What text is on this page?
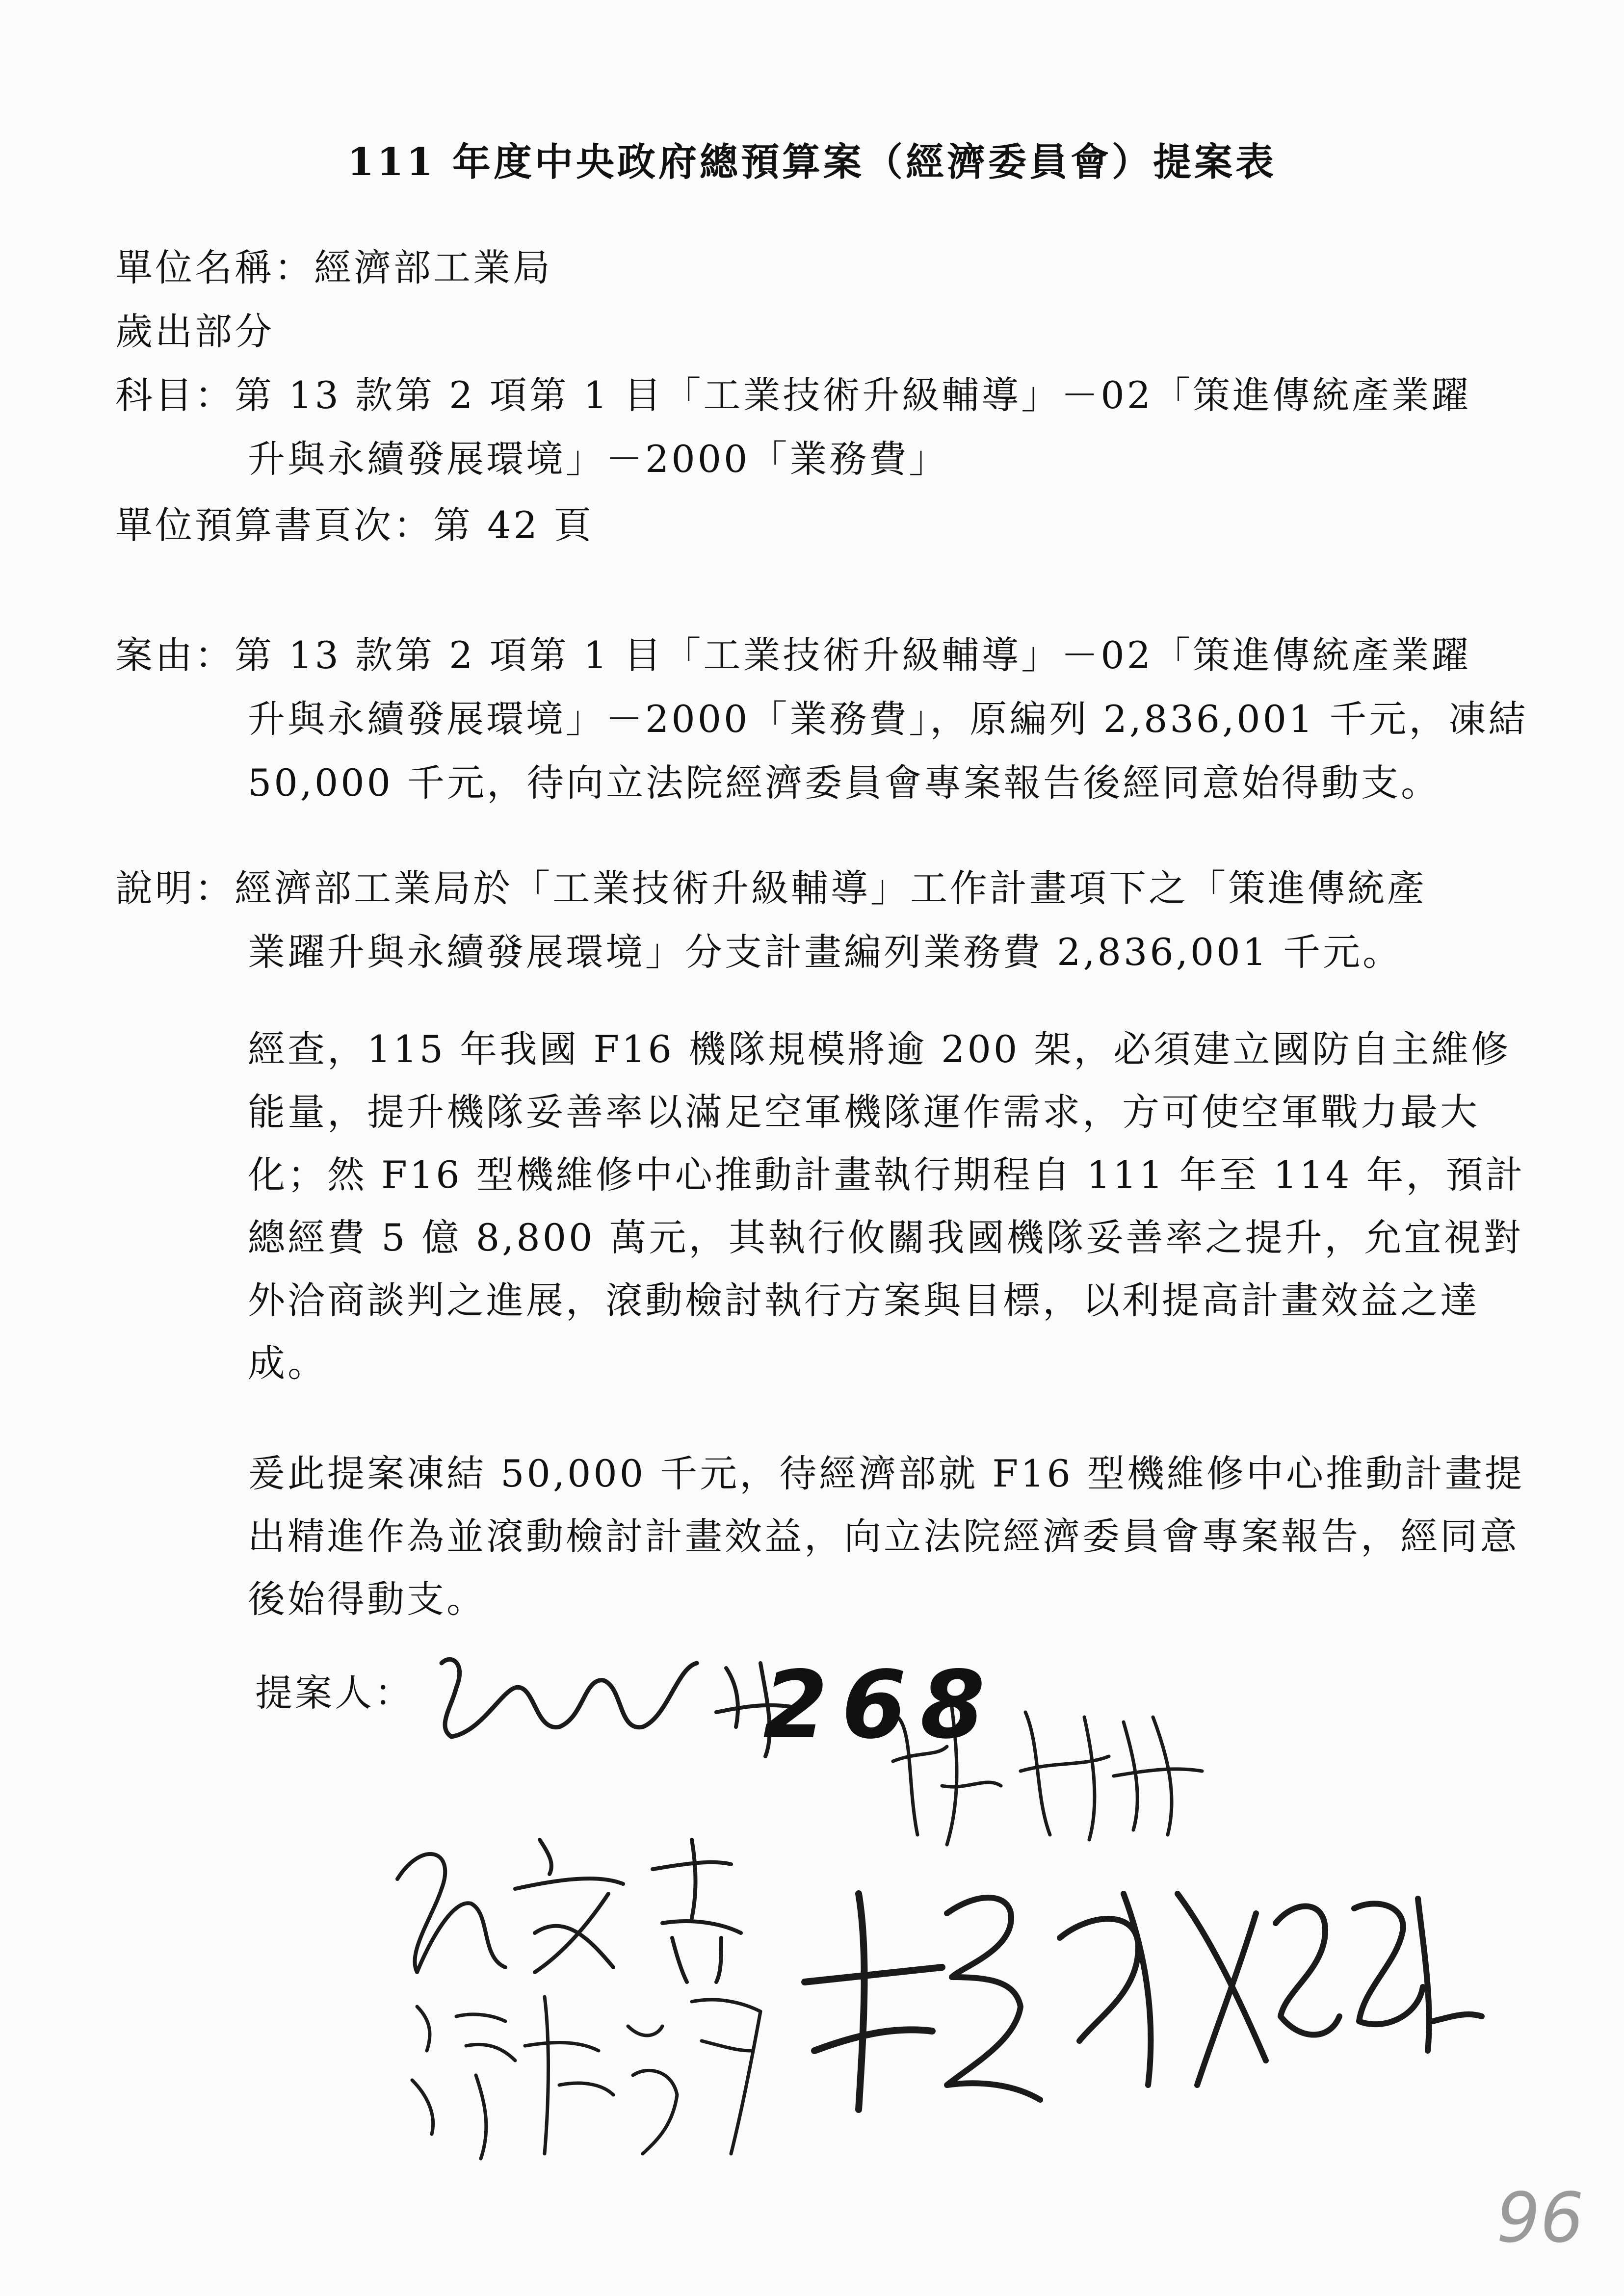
111 年度中央政府總預算案（經濟委員會）提案表
單位名稱：經濟部工業局
歲出部分
科目：第 13 款第 2 項第 1 目「工業技術升級輔導」－02「策進傳統產業躍
升與永續發展環境」－2000「業務費」
單位預算書頁次：第 42 頁
案由：第 13 款第 2 項第 1 目「工業技術升級輔導」－02「策進傳統產業躍
升與永續發展環境」－2000「業務費」，原編列 2,836,001 千元，凍結
50,000 千元，待向立法院經濟委員會專案報告後經同意始得動支。
說明：經濟部工業局於「工業技術升級輔導」工作計畫項下之「策進傳統產
業躍升與永續發展環境」分支計畫編列業務費 2,836,001 千元。
經查，115 年我國 F16 機隊規模將逾 200 架，必須建立國防自主維修能量，提升機隊妥善率以滿足空軍機隊運作需求，方可使空軍戰力最大化；然 F16 型機維修中心推動計畫執行期程自 111 年至 114 年，預計總經費 5 億 8,800 萬元，其執行攸關我國機隊妥善率之提升，允宜視對外洽商談判之進展，滾動檢討執行方案與目標，以利提高計畫效益之達成。
爰此提案凍結 50,000 千元，待經濟部就 F16 型機維修中心推動計畫提出精進作為並滾動檢討計畫效益，向立法院經濟委員會專案報告，經同意後始得動支。
提案人：	268
96
